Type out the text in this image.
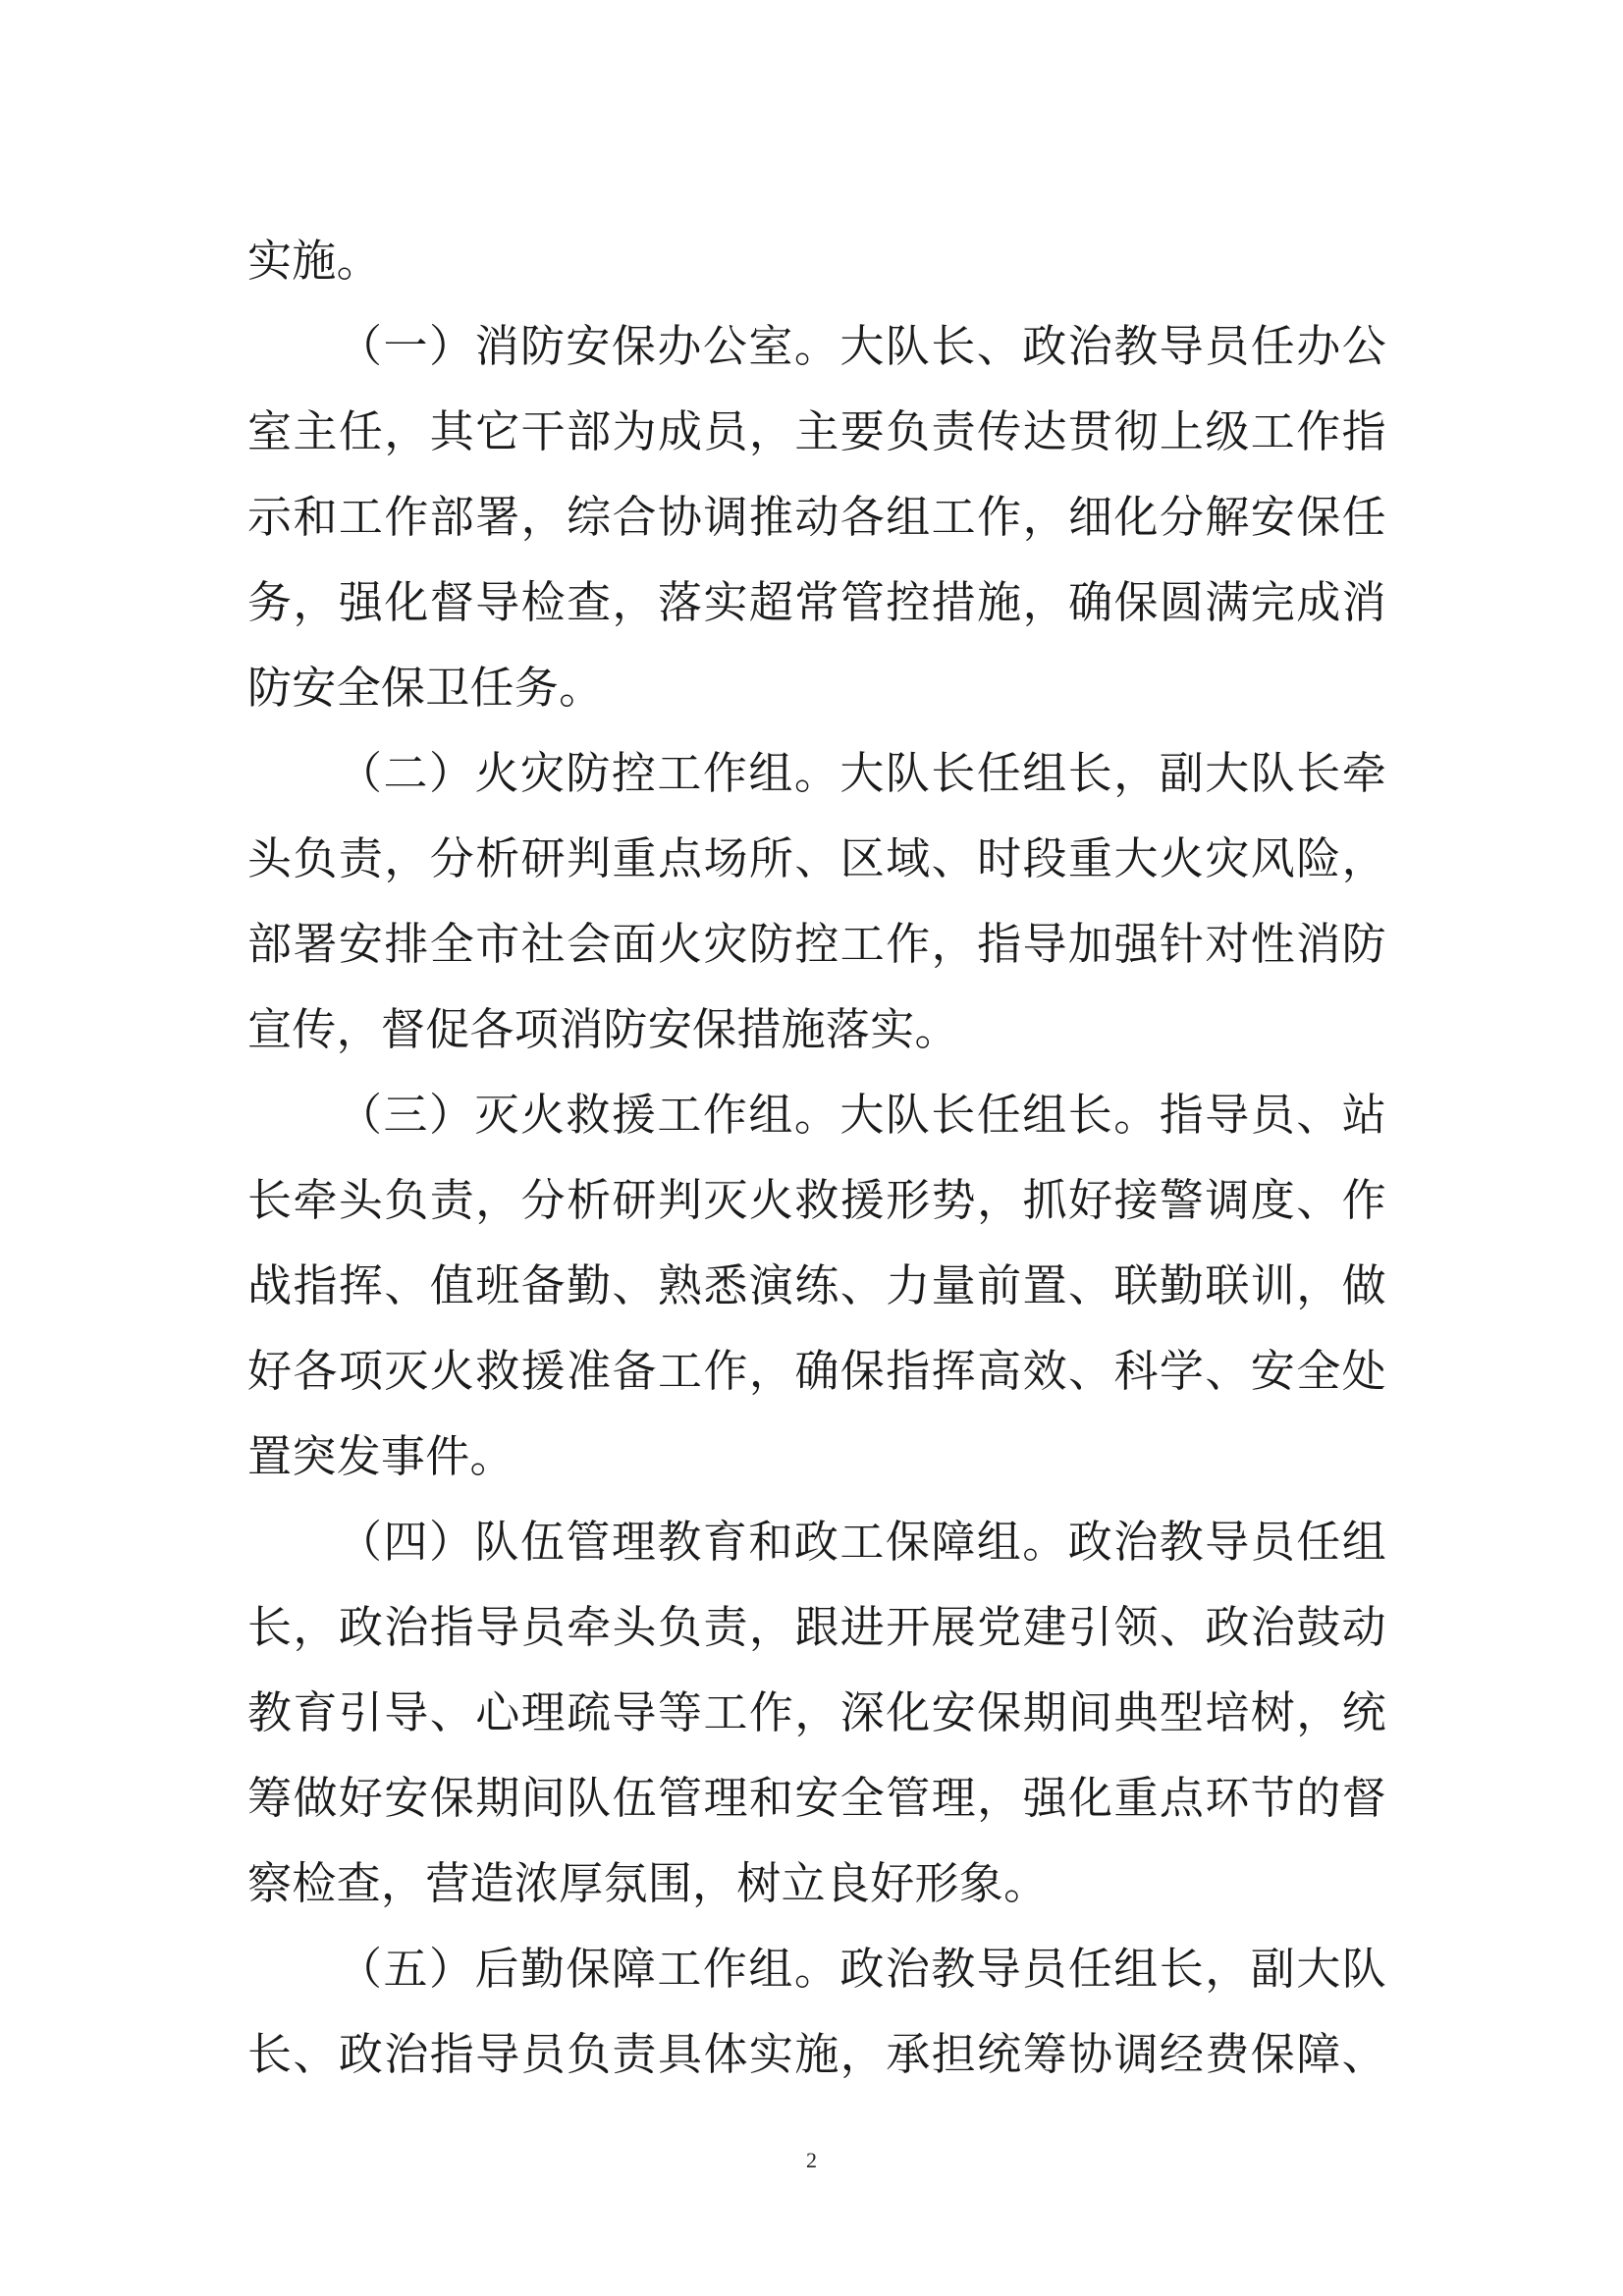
实施。
（一）消防安保办公室。大队长、政治教导员任办公
室主任，其它干部为成员，主要负责传达贯彻上级工作指
示和工作部署，综合协调推动各组工作，细化分解安保任
务，强化督导检查，落实超常管控措施，确保圆满完成消
防安全保卫任务。
（二）火灾防控工作组。大队长任组长，副大队长牵
头负责，分析研判重点场所、区域、时段重大火灾风险，
部署安排全市社会面火灾防控工作，指导加强针对性消防
宣传，督促各项消防安保措施落实。
（三）灭火救援工作组。大队长任组长。指导员、站
长牵头负责，分析研判灭火救援形势，抓好接警调度、作
战指挥、值班备勤、熟悉演练、力量前置、联勤联训，做
好各项灭火救援准备工作，确保指挥高效、科学、安全处
置突发事件。
（四）队伍管理教育和政工保障组。政治教导员任组
长，政治指导员牵头负责，跟进开展党建引领、政治鼓动
教育引导、心理疏导等工作，深化安保期间典型培树，统
筹做好安保期间队伍管理和安全管理，强化重点环节的督
察检查，营造浓厚氛围，树立良好形象。
（五）后勤保障工作组。政治教导员任组长，副大队
长、政治指导员负责具体实施，承担统筹协调经费保障、
2
